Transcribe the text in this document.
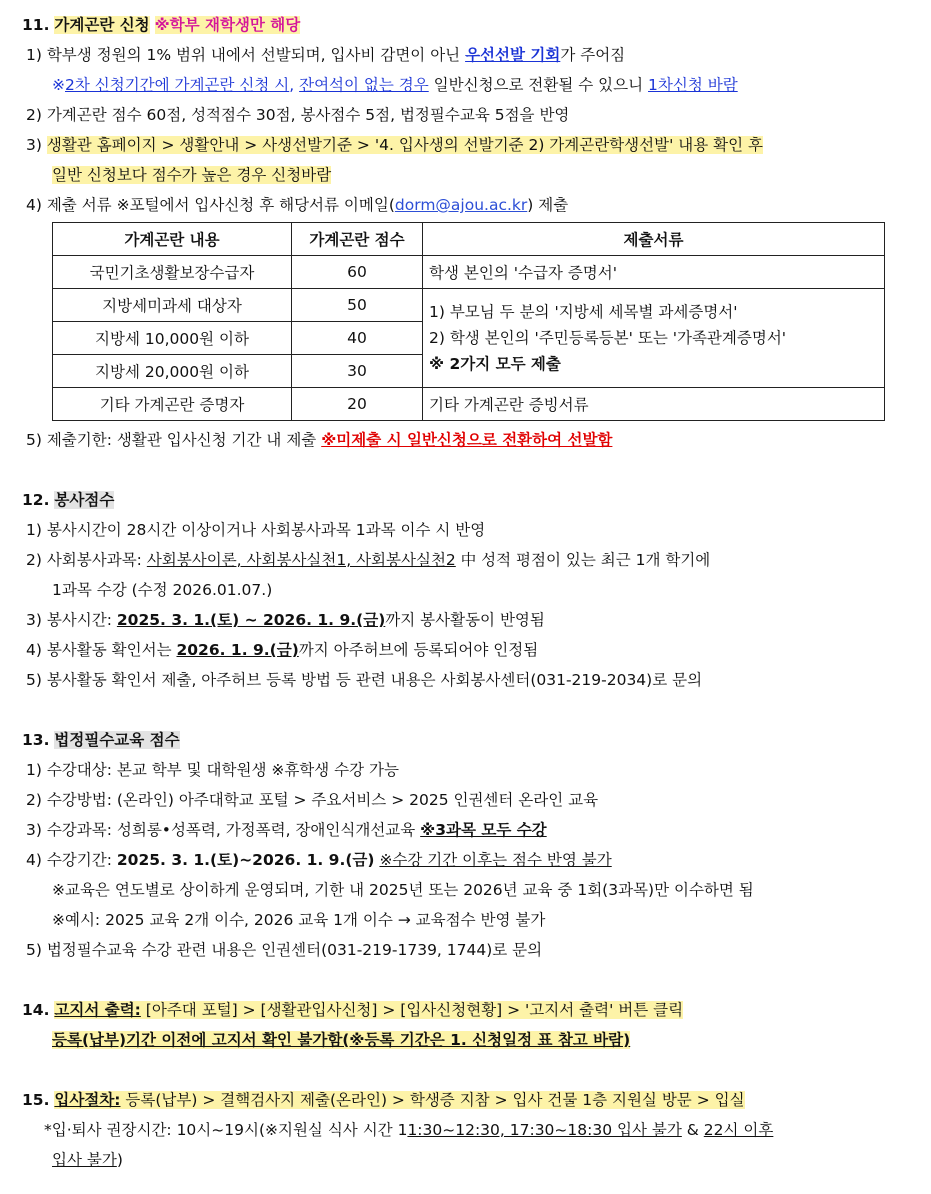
11. 가계곤란 신청 ※학부 재학생만 해당
1) 학부생 정원의 1% 범위 내에서 선발되며, 입사비 감면이 아닌 우선선발 기회가 주어짐
※2차 신청기간에 가계곤란 신청 시, 잔여석이 없는 경우 일반신청으로 전환될 수 있으니 1차신청 바람
2) 가계곤란 점수 60점, 성적점수 30점, 봉사점수 5점, 법정필수교육 5점을 반영
3) 생활관 홈페이지 > 생활안내 > 사생선발기준 > '4. 입사생의 선발기준 2) 가계곤란학생선발' 내용 확인 후
일반 신청보다 점수가 높은 경우 신청바람
4) 제출 서류 ※포털에서 입사신청 후 해당서류 이메일(dorm@ajou.ac.kr) 제출
가계곤란 내용	가계곤란 점수	제출서류
국민기초생활보장수급자	60	학생 본인의 '수급자 증명서'
지방세미과세 대상자	50	1) 부모님 두 분의 '지방세 세목별 과세증명서'
2) 학생 본인의 '주민등록등본' 또는 '가족관계증명서'
※ 2가지 모두 제출

지방세 10,000원 이하	40	
지방세 20,000원 이하	30	
기타 가계곤란 증명자	20	기타 가계곤란 증빙서류
5) 제출기한: 생활관 입사신청 기간 내 제출 ※미제출 시 일반신청으로 전환하여 선발함
12. 봉사점수
1) 봉사시간이 28시간 이상이거나 사회봉사과목 1과목 이수 시 반영
2) 사회봉사과목: 사회봉사이론, 사회봉사실천1, 사회봉사실천2 中 성적 평점이 있는 최근 1개 학기에
1과목 수강 (수정 2026.01.07.)
3) 봉사시간: 2025. 3. 1.(토) ~ 2026. 1. 9.(금)까지 봉사활동이 반영됨
4) 봉사활동 확인서는 2026. 1. 9.(금)까지 아주허브에 등록되어야 인정됨
5) 봉사활동 확인서 제출, 아주허브 등록 방법 등 관련 내용은 사회봉사센터(031-219-2034)로 문의
13. 법정필수교육 점수
1) 수강대상: 본교 학부 및 대학원생 ※휴학생 수강 가능
2) 수강방법: (온라인) 아주대학교 포털 > 주요서비스 > 2025 인권센터 온라인 교육
3) 수강과목: 성희롱•성폭력, 가정폭력, 장애인식개선교육 ※3과목 모두 수강
4) 수강기간: 2025. 3. 1.(토)~2026. 1. 9.(금) ※수강 기간 이후는 점수 반영 불가
※교육은 연도별로 상이하게 운영되며, 기한 내 2025년 또는 2026년 교육 중 1회(3과목)만 이수하면 됨
※예시: 2025 교육 2개 이수, 2026 교육 1개 이수 → 교육점수 반영 불가
5) 법정필수교육 수강 관련 내용은 인권센터(031-219-1739, 1744)로 문의
14. 고지서 출력: [아주대 포털] > [생활관입사신청] > [입사신청현황] > '고지서 출력' 버튼 클릭
등록(납부)기간 이전에 고지서 확인 불가함(※등록 기간은 1. 신청일정 표 참고 바람)
15. 입사절차: 등록(납부) > 결핵검사지 제출(온라인) > 학생증 지참 > 입사 건물 1층 지원실 방문 > 입실
*입·퇴사 권장시간: 10시~19시(※지원실 식사 시간 11:30~12:30, 17:30~18:30 입사 불가 & 22시 이후
입사 불가)
